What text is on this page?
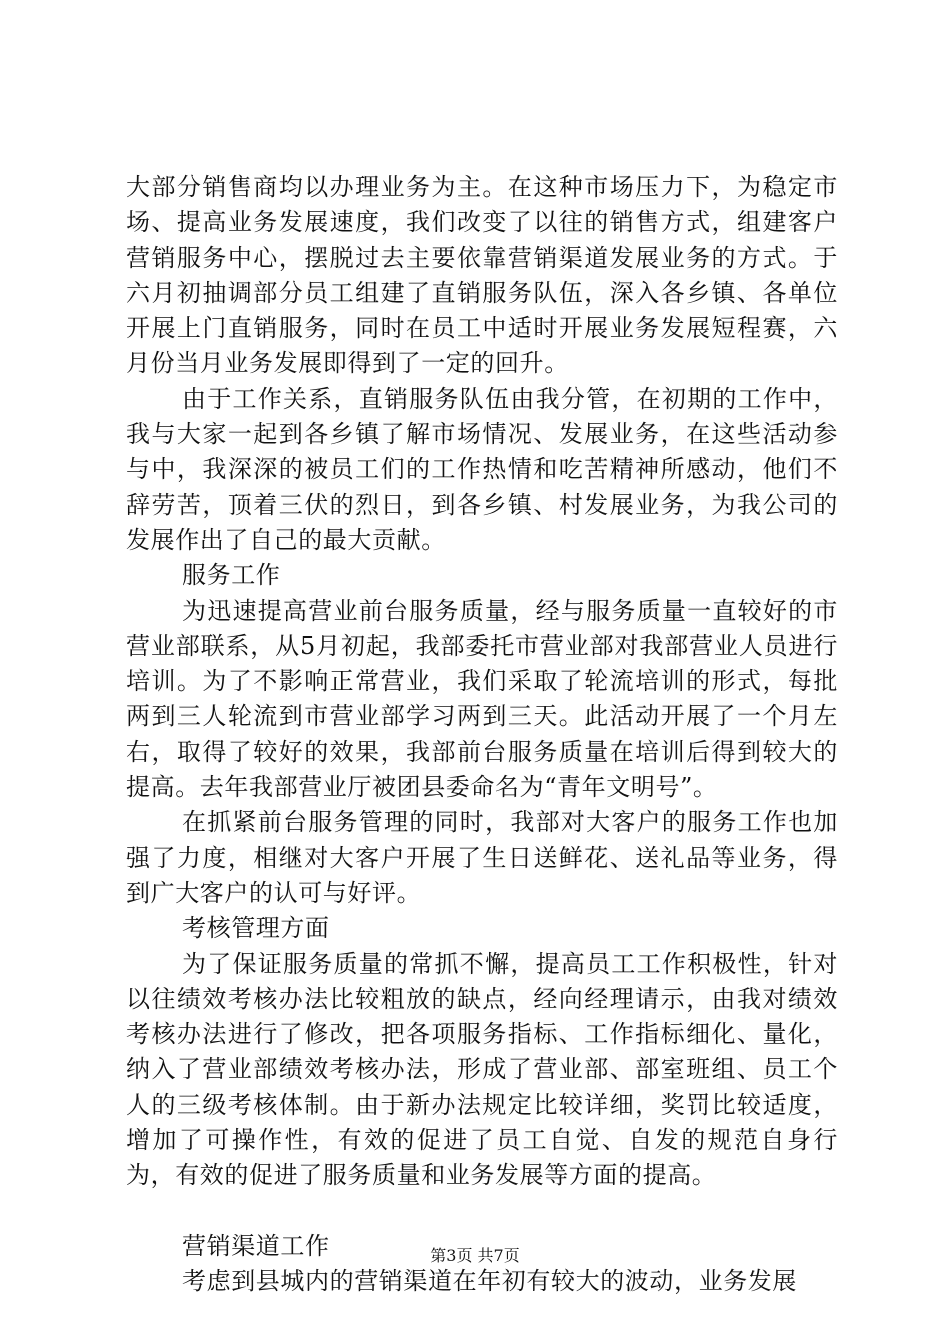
大部分销售商均以办理业务为主。在这种市场压力下，为稳定市场、提高业务发展速度，我们改变了以往的销售方式，组建客户营销服务中心，摆脱过去主要依靠营销渠道发展业务的方式。于六月初抽调部分员工组建了直销服务队伍，深入各乡镇、各单位开展上门直销服务，同时在员工中适时开展业务发展短程赛，六月份当月业务发展即得到了一定的回升。

由于工作关系，直销服务队伍由我分管，在初期的工作中，我与大家一起到各乡镇了解市场情况、发展业务，在这些活动参与中，我深深的被员工们的工作热情和吃苦精神所感动，他们不辞劳苦，顶着三伏的烈日，到各乡镇、村发展业务，为我公司的发展作出了自己的最大贡献。

服务工作

为迅速提高营业前台服务质量，经与服务质量一直较好的市营业部联系，从5月初起，我部委托市营业部对我部营业人员进行培训。为了不影响正常营业，我们采取了轮流培训的形式，每批两到三人轮流到市营业部学习两到三天。此活动开展了一个月左右，取得了较好的效果，我部前台服务质量在培训后得到较大的提高。去年我部营业厅被团县委命名为“青年文明号”。

在抓紧前台服务管理的同时，我部对大客户的服务工作也加强了力度，相继对大客户开展了生日送鲜花、送礼品等业务，得到广大客户的认可与好评。

考核管理方面

为了保证服务质量的常抓不懈，提高员工工作积极性，针对以往绩效考核办法比较粗放的缺点，经向经理请示，由我对绩效考核办法进行了修改，把各项服务指标、工作指标细化、量化，纳入了营业部绩效考核办法，形成了营业部、部室班组、员工个人的三级考核体制。由于新办法规定比较详细，奖罚比较适度，增加了可操作性，有效的促进了员工自觉、自发的规范自身行为，有效的促进了服务质量和业务发展等方面的提高。

营销渠道工作

考虑到县城内的营销渠道在年初有较大的波动，业务发展

第3页 共7页
